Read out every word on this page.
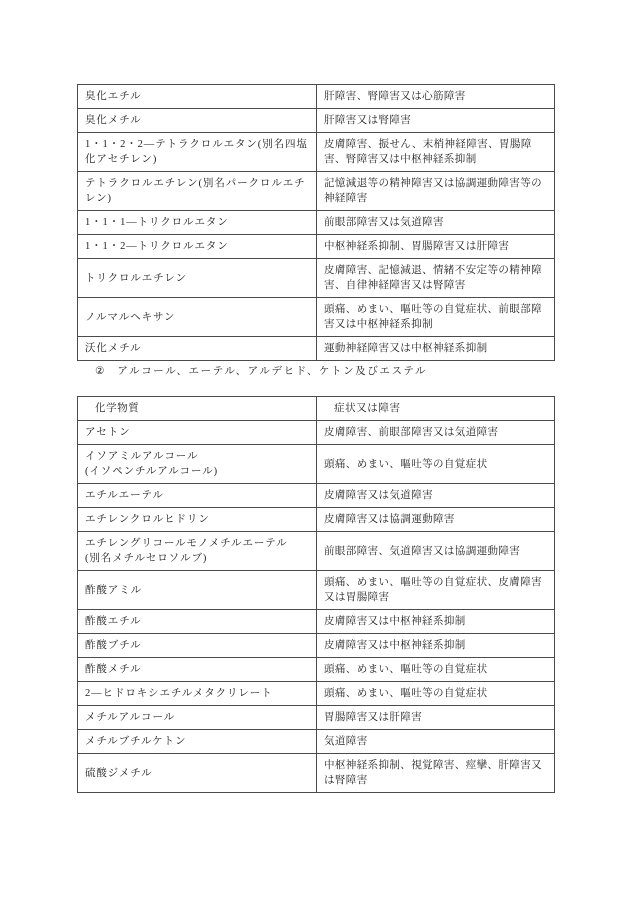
臭化エチル	肝障害、腎障害又は心筋障害

臭化メチル	肝障害又は腎障害

1・1・2・2—テトラクロルエタン(別名四塩化アセチレン)	皮膚障害、振せん、末梢神経障害、胃腸障害、腎障害又は中枢神経系抑制

テトラクロルエチレン(別名パークロルエチレン)	記憶減退等の精神障害又は協調運動障害等の神経障害

1・1・1—トリクロルエタン	前眼部障害又は気道障害

1・1・2—トリクロルエタン	中枢神経系抑制、胃腸障害又は肝障害

トリクロルエチレン	皮膚障害、記憶減退、情緒不安定等の精神障害、自律神経障害又は腎障害

ノルマルヘキサン	頭痛、めまい、嘔吐等の自覚症状、前眼部障害又は中枢神経系抑制

沃化メチル	運動神経障害又は中枢神経系抑制
② アルコール、エーテル、アルデヒド、ケトン及びエステル
化学物質	症状又は障害

アセトン	皮膚障害、前眼部障害又は気道障害

イソアミルアルコール
(イソペンチルアルコール)	頭痛、めまい、嘔吐等の自覚症状

エチルエーテル	皮膚障害又は気道障害

エチレンクロルヒドリン	皮膚障害又は協調運動障害

エチレングリコールモノメチルエーテル
(別名メチルセロソルブ)	前眼部障害、気道障害又は協調運動障害

酢酸アミル	頭痛、めまい、嘔吐等の自覚症状、皮膚障害又は胃腸障害

酢酸エチル	皮膚障害又は中枢神経系抑制

酢酸ブチル	皮膚障害又は中枢神経系抑制

酢酸メチル	頭痛、めまい、嘔吐等の自覚症状

2—ヒドロキシエチルメタクリレート	頭痛、めまい、嘔吐等の自覚症状

メチルアルコール	胃腸障害又は肝障害

メチルブチルケトン	気道障害

硫酸ジメチル	中枢神経系抑制、視覚障害、痙攣、肝障害又は腎障害
